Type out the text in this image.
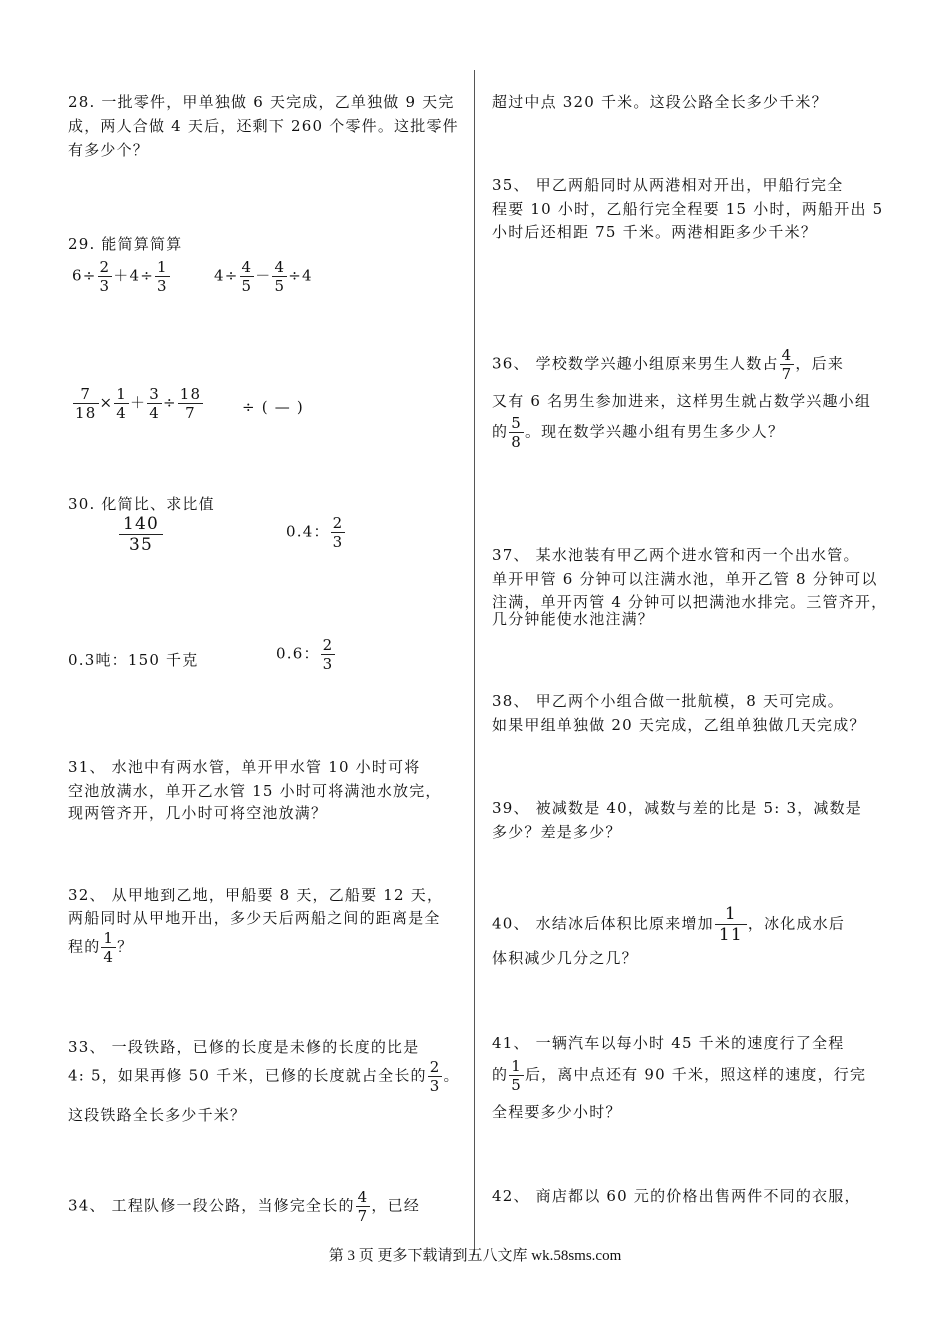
28. 一批零件，甲单独做 6 天完成，乙单独做 9 天完
成，两人合做 4 天后，还剩下 260 个零件。这批零件
有多少个？
29. 能简算简算
$6\div \frac{2}{3} +4\div \frac{1}{3}$	$4\div \frac{4}{5} - \frac{4}{5} \div 4$
$\frac{7}{18} \times \frac{1}{4} + \frac{3}{4} \div \frac{18}{7}$	÷ ( — )
30. 化简比、求比值
$\frac{140}{35}$	0.4： $\frac{2}{3}$
0.3吨：150 千克	0.6： $\frac{2}{3}$
31、 水池中有两水管，单开甲水管 10 小时可将
空池放满水，单开乙水管 15 小时可将满池水放完，
现两管齐开，几小时可将空池放满？
32、 从甲地到乙地，甲船要 8 天，乙船要 12 天，
两船同时从甲地开出，多少天后两船之间的距离是全
程的 $\frac{1}{4}$ ？
33、 一段铁路，已修的长度是未修的长度的比是
4: 5，如果再修 50 千米，已修的长度就占全长的 $\frac{2}{3}$ 。
这段铁路全长多少千米？
34、 工程队修一段公路，当修完全长的 $\frac{4}{7}$ ，已经
超过中点 320 千米。这段公路全长多少千米？
35、 甲乙两船同时从两港相对开出，甲船行完全
程要 10 小时，乙船行完全程要 15 小时，两船开出 5
小时后还相距 75 千米。两港相距多少千米？
36、 学校数学兴趣小组原来男生人数占 $\frac{4}{7}$ ，后来
又有 6 名男生参加进来，这样男生就占数学兴趣小组
的 $\frac{5}{8}$ 。现在数学兴趣小组有男生多少人？
37、 某水池装有甲乙两个进水管和丙一个出水管。
单开甲管 6 分钟可以注满水池，单开乙管 8 分钟可以
注满，单开丙管 4 分钟可以把满池水排完。三管齐开，
几分钟能使水池注满？
38、 甲乙两个小组合做一批航模，8 天可完成。
如果甲组单独做 20 天完成，乙组单独做几天完成？
39、 被减数是 40，减数与差的比是 5: 3，减数是
多少？差是多少？
40、 水结冰后体积比原来增加 $\frac{1}{11}$ ，冰化成水后
体积减少几分之几？
41、 一辆汽车以每小时 45 千米的速度行了全程
的 $\frac{1}{5}$ 后，离中点还有 90 千米，照这样的速度，行完
全程要多少小时？
42、 商店都以 60 元的价格出售两件不同的衣服，
第 3 页 更多下载请到五八文库 wk.58sms.com
